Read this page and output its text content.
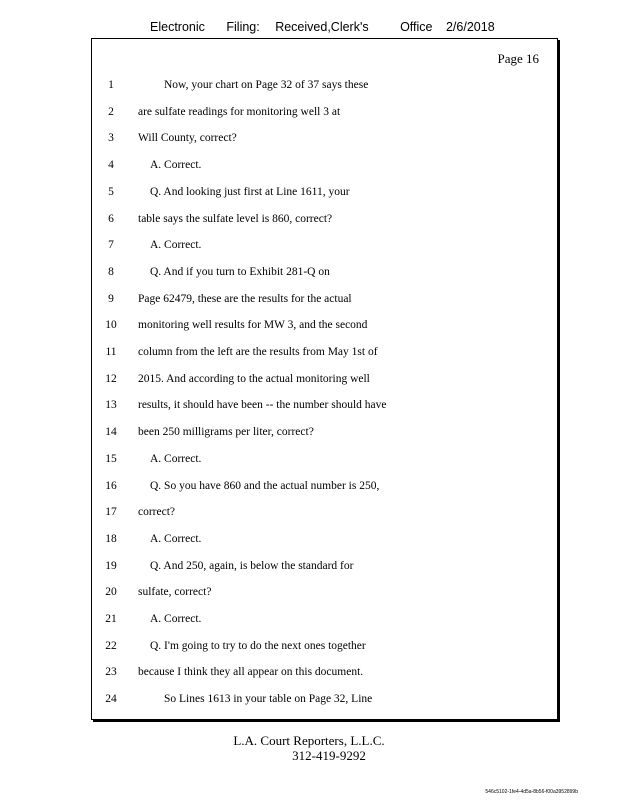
Electronic Filing: Received,Clerk's	Office 2/6/2018
Page 16
1	Now, your chart on Page 32 of 37 says these
2	are sulfate readings for monitoring well 3 at
3	Will County, correct?
4	A. Correct.
5	Q. And looking just first at Line 1611, your
6	table says the sulfate level is 860, correct?
7	A. Correct.
8	Q. And if you turn to Exhibit 281-Q on
9	Page 62479, these are the results for the actual
10	monitoring well results for MW 3, and the second
11	column from the left are the results from May 1st of
12	2015. And according to the actual monitoring well
13	results, it should have been -- the number should have
14	been 250 milligrams per liter, correct?
15	A. Correct.
16	Q. So you have 860 and the actual number is 250,
17	correct?
18	A. Correct.
19	Q. And 250, again, is below the standard for
20	sulfate, correct?
21	A. Correct.
22	Q. I'm going to try to do the next ones together
23	because I think they all appear on this document.
24	So Lines 1613 in your table on Page 32, Line
L.A. Court Reporters, L.L.C.
312-419-9292
546c5102-1fe4-4d5a-8b56-f00a3952899b
